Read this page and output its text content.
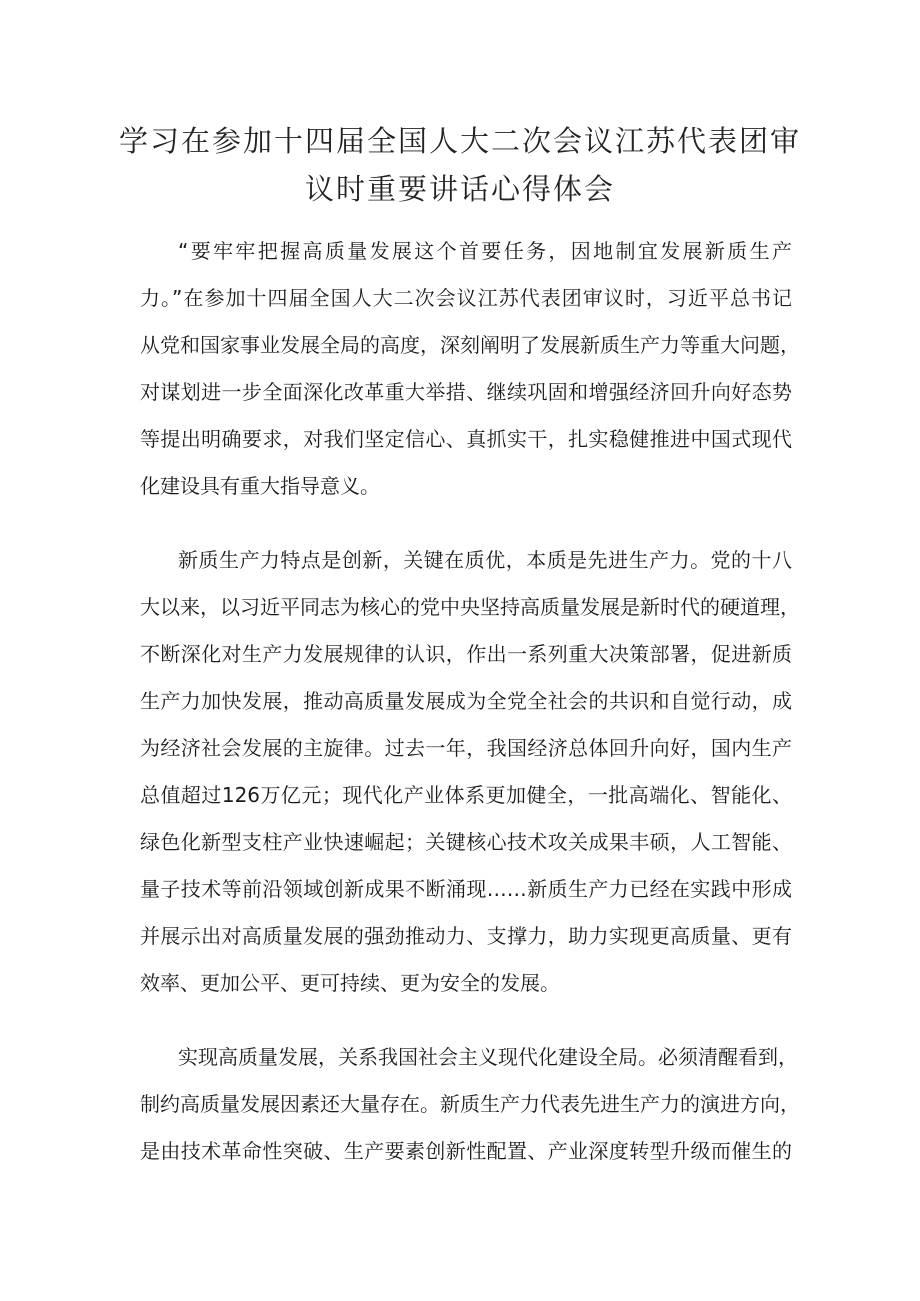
学习在参加十四届全国人大二次会议江苏代表团审
议时重要讲话心得体会
“要牢牢把握高质量发展这个首要任务，因地制宜发展新质生产
力。”在参加十四届全国人大二次会议江苏代表团审议时，习近平总书记
从党和国家事业发展全局的高度，深刻阐明了发展新质生产力等重大问题，
对谋划进一步全面深化改革重大举措、继续巩固和增强经济回升向好态势
等提出明确要求，对我们坚定信心、真抓实干，扎实稳健推进中国式现代
化建设具有重大指导意义。
新质生产力特点是创新，关键在质优，本质是先进生产力。党的十八
大以来，以习近平同志为核心的党中央坚持高质量发展是新时代的硬道理，
不断深化对生产力发展规律的认识，作出一系列重大决策部署，促进新质
生产力加快发展，推动高质量发展成为全党全社会的共识和自觉行动，成
为经济社会发展的主旋律。过去一年，我国经济总体回升向好，国内生产
总值超过126万亿元；现代化产业体系更加健全，一批高端化、智能化、
绿色化新型支柱产业快速崛起；关键核心技术攻关成果丰硕，人工智能、
量子技术等前沿领域创新成果不断涌现……新质生产力已经在实践中形成
并展示出对高质量发展的强劲推动力、支撑力，助力实现更高质量、更有
效率、更加公平、更可持续、更为安全的发展。
实现高质量发展，关系我国社会主义现代化建设全局。必须清醒看到，
制约高质量发展因素还大量存在。新质生产力代表先进生产力的演进方向，
是由技术革命性突破、生产要素创新性配置、产业深度转型升级而催生的
